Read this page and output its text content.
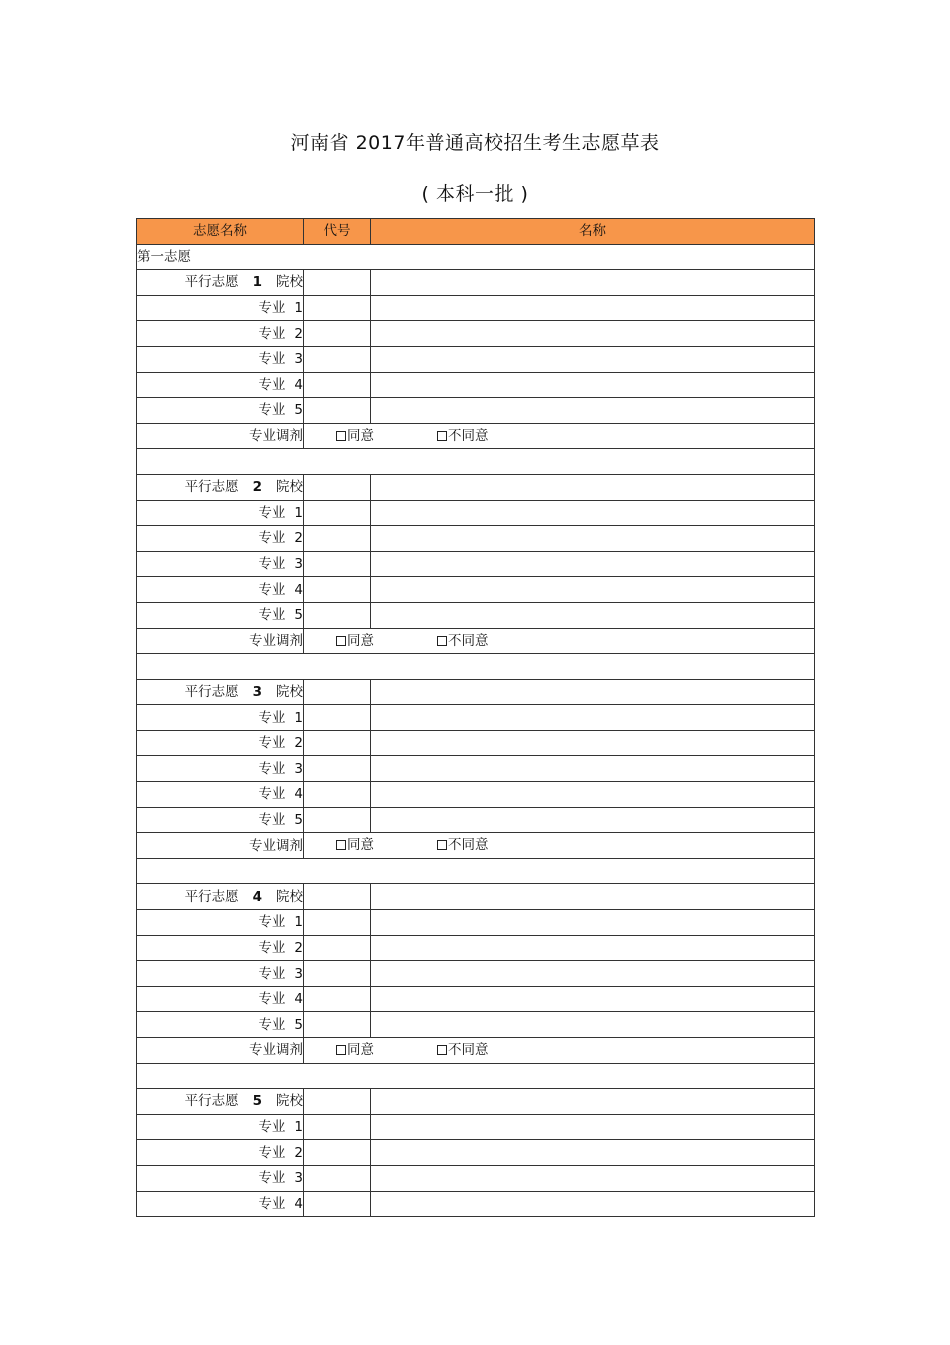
河南省 2017年普通高校招生考生志愿草表
( 本科一批 )
志愿名称	代号	名称
第一志愿		
平行志愿 1 院校		
专业 1		
专业 2		
专业 3		
专业 4		
专业 5		
专业调剂	同意 不同意	

平行志愿 2 院校		
专业 1		
专业 2		
专业 3		
专业 4		
专业 5		
专业调剂	同意 不同意	

平行志愿 3 院校		
专业 1		
专业 2		
专业 3		
专业 4		
专业 5		
专业调剂	同意 不同意	

平行志愿 4 院校		
专业 1		
专业 2		
专业 3		
专业 4		
专业 5		
专业调剂	同意 不同意	

平行志愿 5 院校		
专业 1		
专业 2		
专业 3		
专业 4		
